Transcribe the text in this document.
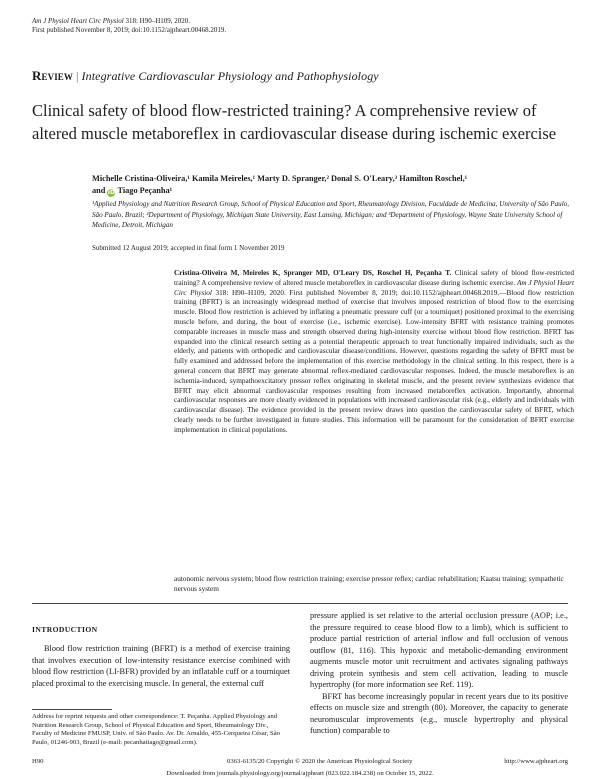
Am J Physiol Heart Circ Physiol 318: H90–H109, 2020.
First published November 8, 2019; doi:10.1152/ajpheart.00468.2019.
Review | Integrative Cardiovascular Physiology and Pathophysiology
Clinical safety of blood flow-restricted training? A comprehensive review of altered muscle metaboreflex in cardiovascular disease during ischemic exercise
Michelle Cristina-Oliveira,¹ Kamila Meireles,¹ Marty D. Spranger,² Donal S. O'Leary,³ Hamilton Roschel,¹
and iD Tiago Peçanha¹
¹Applied Physiology and Nutrition Research Group, School of Physical Education and Sport, Rheumatology Division, Faculdade de Medicina, University of São Paulo, São Paulo, Brazil; ²Department of Physiology, Michigan State University, East Lansing, Michigan; and ³Department of Physiology, Wayne State University School of Medicine, Detroit, Michigan
Submitted 12 August 2019; accepted in final form 1 November 2019
Cristina-Oliveira M, Meireles K, Spranger MD, O'Leary DS, Roschel H, Peçanha T. Clinical safety of blood flow-restricted training? A comprehensive review of altered muscle metaboreflex in cardiovascular disease during ischemic exercise. Am J Physiol Heart Circ Physiol 318: H90–H109, 2020. First published November 8, 2019; doi:10.1152/ajpheart.00468.2019.—Blood flow restriction training (BFRT) is an increasingly widespread method of exercise that involves imposed restriction of blood flow to the exercising muscle. Blood flow restriction is achieved by inflating a pneumatic pressure cuff (or a tourniquet) positioned proximal to the exercising muscle before, and during, the bout of exercise (i.e., ischemic exercise). Low-intensity BFRT with resistance training promotes comparable increases in muscle mass and strength observed during high-intensity exercise without blood flow restriction. BFRT has expanded into the clinical research setting as a potential therapeutic approach to treat functionally impaired individuals, such as the elderly, and patients with orthopedic and cardiovascular disease/conditions. However, questions regarding the safety of BFRT must be fully examined and addressed before the implementation of this exercise methodology in the clinical setting. In this respect, there is a general concern that BFRT may generate abnormal reflex-mediated cardiovascular responses. Indeed, the muscle metaboreflex is an ischemia-induced, sympathoexcitatory pressor reflex originating in skeletal muscle, and the present review synthesizes evidence that BFRT may elicit abnormal cardiovascular responses resulting from increased metaboreflex activation. Importantly, abnormal cardiovascular responses are more clearly evidenced in populations with increased cardiovascular risk (e.g., elderly and individuals with cardiovascular disease). The evidence provided in the present review draws into question the cardiovascular safety of BFRT, which clearly needs to be further investigated in future studies. This information will be paramount for the consideration of BFRT exercise implementation in clinical populations.
autonomic nervous system; blood flow restriction training; exercise pressor reflex; cardiac rehabilitation; Kaatsu training; sympathetic nervous system
INTRODUCTION
Blood flow restriction training (BFRT) is a method of exercise training that involves execution of low-intensity resistance exercise combined with blood flow restriction (LI-BFR) provided by an inflatable cuff or a tourniquet placed proximal to the exercising muscle. In general, the external cuff
pressure applied is set relative to the arterial occlusion pressure (AOP; i.e., the pressure required to cease blood flow to a limb), which is sufficient to produce partial restriction of arterial inflow and full occlusion of venous outflow (81, 116). This hypoxic and metabolic-demanding environment augments muscle motor unit recruitment and activates signaling pathways driving protein synthesis and stem cell activation, leading to muscle hypertrophy (for more information see Ref. 119).
BFRT has become increasingly popular in recent years due to its positive effects on muscle size and strength (80). Moreover, the capacity to generate neuromuscular improvements (e.g., muscle hypertrophy and physical function) comparable to
Address for reprint requests and other correspondence: T. Peçanha. Applied Physiology and Nutrition Research Group, School of Physical Education and Sport, Rheumatology Div., Faculty of Medicine FMUSP, Univ. of São Paulo. Av. Dr. Arnaldo, 455-Cerqueira César, São Paulo, 01246-903, Brazil (e-mail: pecanhatiago@gmail.com).
H90	0363-6135/20 Copyright © 2020 the American Physiological Society	http://www.ajpheart.org
Downloaded from journals.physiology.org/journal/ajpheart (023.022.184.238) on October 15, 2022.
